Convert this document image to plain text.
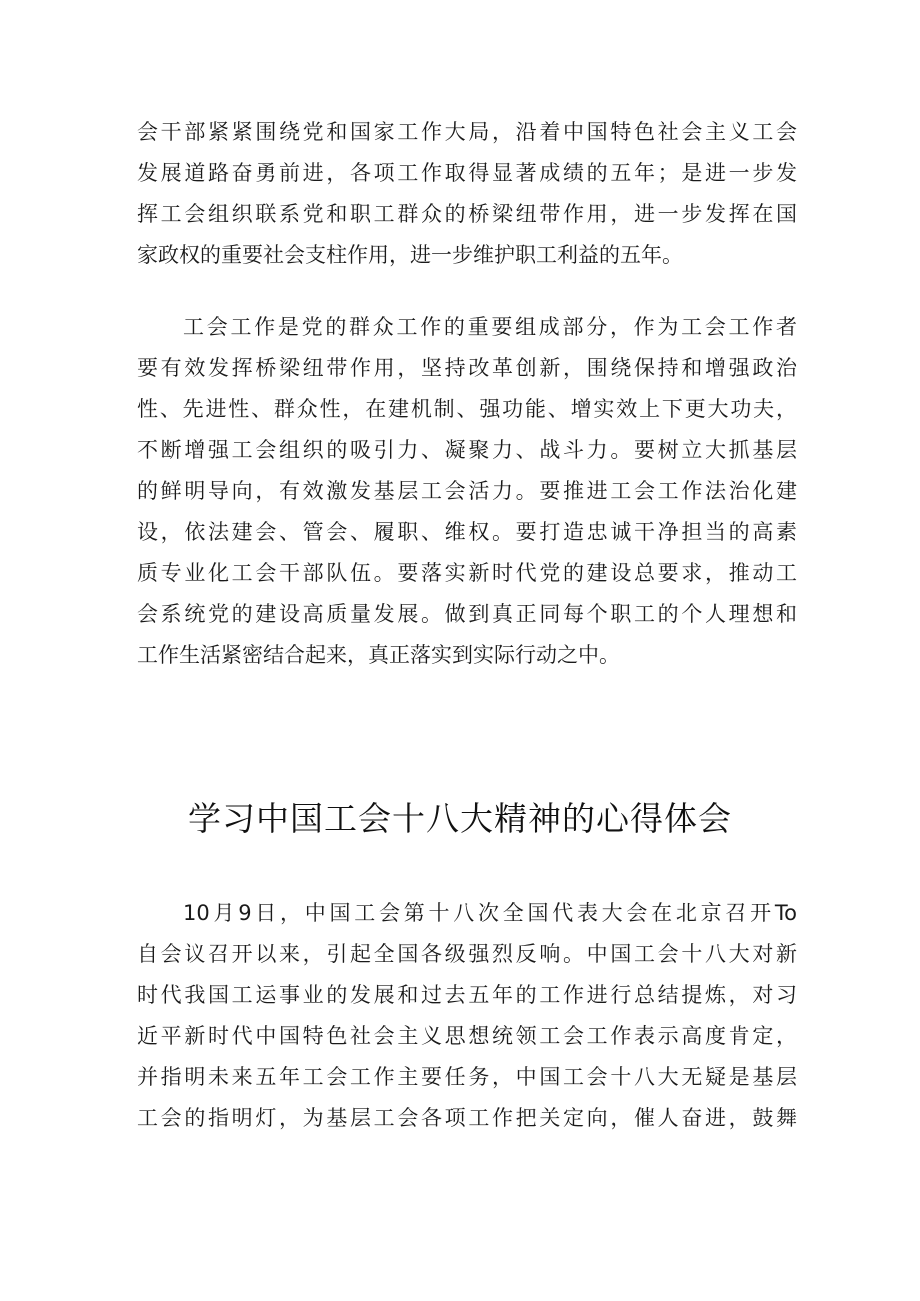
会干部紧紧围绕党和国家工作大局，沿着中国特色社会主义工会
发展道路奋勇前进，各项工作取得显著成绩的五年；是进一步发
挥工会组织联系党和职工群众的桥梁纽带作用，进一步发挥在国
家政权的重要社会支柱作用，进一步维护职工利益的五年。
工会工作是党的群众工作的重要组成部分，作为工会工作者
要有效发挥桥梁纽带作用，坚持改革创新，围绕保持和增强政治
性、先进性、群众性，在建机制、强功能、增实效上下更大功夫，
不断增强工会组织的吸引力、凝聚力、战斗力。要树立大抓基层
的鲜明导向，有效激发基层工会活力。要推进工会工作法治化建
设，依法建会、管会、履职、维权。要打造忠诚干净担当的高素
质专业化工会干部队伍。要落实新时代党的建设总要求，推动工
会系统党的建设高质量发展。做到真正同每个职工的个人理想和
工作生活紧密结合起来，真正落实到实际行动之中。
学习中国工会十八大精神的心得体会
10月9日，中国工会第十八次全国代表大会在北京召开To
自会议召开以来，引起全国各级强烈反响。中国工会十八大对新
时代我国工运事业的发展和过去五年的工作进行总结提炼，对习
近平新时代中国特色社会主义思想统领工会工作表示高度肯定，
并指明未来五年工会工作主要任务，中国工会十八大无疑是基层
工会的指明灯，为基层工会各项工作把关定向，催人奋进，鼓舞
